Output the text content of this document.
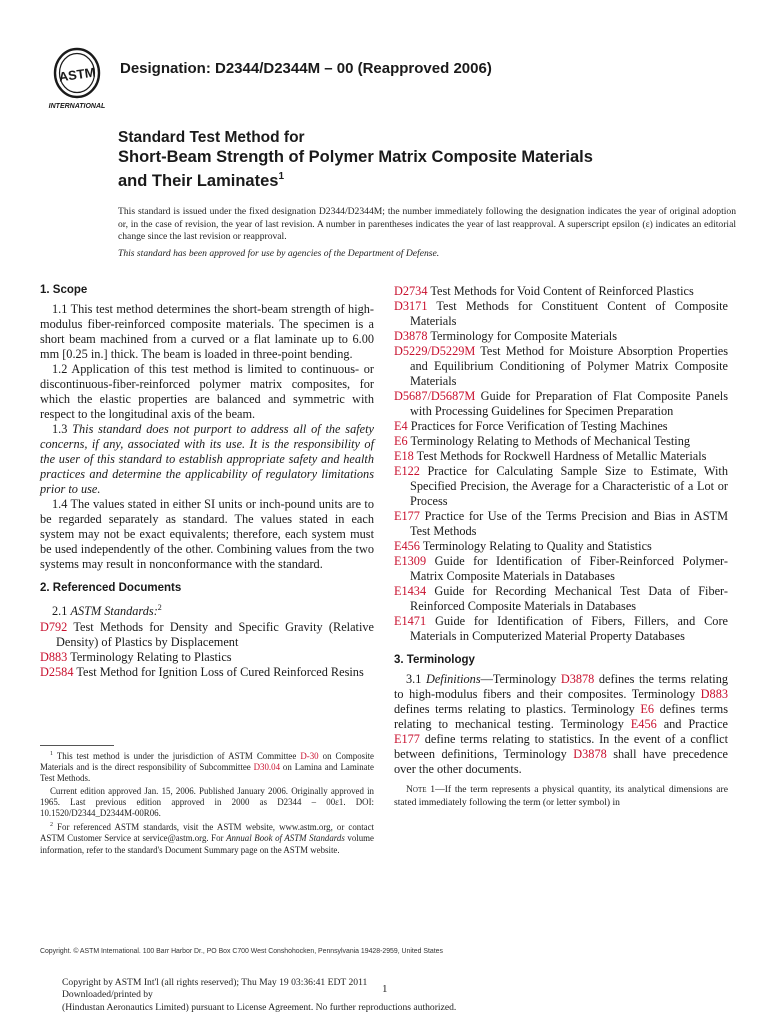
ASTM
INTERNATIONAL
Designation: D2344/D2344M – 00 (Reapproved 2006)
Standard Test Method for
Short-Beam Strength of Polymer Matrix Composite Materials
and Their Laminates$^1$
This standard is issued under the fixed designation D2344/D2344M; the number immediately following the designation indicates the year of original adoption or, in the case of revision, the year of last revision. A number in parentheses indicates the year of last reapproval. A superscript epsilon (ε) indicates an editorial change since the last revision or reapproval.
This standard has been approved for use by agencies of the Department of Defense.
1. Scope
1.1 This test method determines the short-beam strength of high-modulus fiber-reinforced composite materials. The specimen is a short beam machined from a curved or a flat laminate up to 6.00 mm [0.25 in.] thick. The beam is loaded in three-point bending.
1.2 Application of this test method is limited to continuous- or discontinuous-fiber-reinforced polymer matrix composites, for which the elastic properties are balanced and symmetric with respect to the longitudinal axis of the beam.
1.3 This standard does not purport to address all of the safety concerns, if any, associated with its use. It is the responsibility of the user of this standard to establish appropriate safety and health practices and determine the applicability of regulatory limitations prior to use.
1.4 The values stated in either SI units or inch-pound units are to be regarded separately as standard. The values stated in each system may not be exact equivalents; therefore, each system must be used independently of the other. Combining values from the two systems may result in nonconformance with the standard.
2. Referenced Documents
2.1 ASTM Standards:$^2$
D792 Test Methods for Density and Specific Gravity (Relative Density) of Plastics by Displacement
D883 Terminology Relating to Plastics
D2584 Test Method for Ignition Loss of Cured Reinforced Resins
$^1$ This test method is under the jurisdiction of ASTM Committee D-30 on Composite Materials and is the direct responsibility of Subcommittee D30.04 on Lamina and Laminate Test Methods.
Current edition approved Jan. 15, 2006. Published January 2006. Originally approved in 1965. Last previous edition approved in 2000 as D2344 – 00ε1. DOI: 10.1520/D2344_D2344M-00R06.
$^2$ For referenced ASTM standards, visit the ASTM website, www.astm.org, or contact ASTM Customer Service at service@astm.org. For Annual Book of ASTM Standards volume information, refer to the standard's Document Summary page on the ASTM website.
D2734 Test Methods for Void Content of Reinforced Plastics
D3171 Test Methods for Constituent Content of Composite Materials
D3878 Terminology for Composite Materials
D5229/D5229M Test Method for Moisture Absorption Properties and Equilibrium Conditioning of Polymer Matrix Composite Materials
D5687/D5687M Guide for Preparation of Flat Composite Panels with Processing Guidelines for Specimen Preparation
E4 Practices for Force Verification of Testing Machines
E6 Terminology Relating to Methods of Mechanical Testing
E18 Test Methods for Rockwell Hardness of Metallic Materials
E122 Practice for Calculating Sample Size to Estimate, With Specified Precision, the Average for a Characteristic of a Lot or Process
E177 Practice for Use of the Terms Precision and Bias in ASTM Test Methods
E456 Terminology Relating to Quality and Statistics
E1309 Guide for Identification of Fiber-Reinforced Polymer-Matrix Composite Materials in Databases
E1434 Guide for Recording Mechanical Test Data of Fiber-Reinforced Composite Materials in Databases
E1471 Guide for Identification of Fibers, Fillers, and Core Materials in Computerized Material Property Databases
3. Terminology
3.1 Definitions—Terminology D3878 defines the terms relating to high-modulus fibers and their composites. Terminology D883 defines terms relating to plastics. Terminology E6 defines terms relating to mechanical testing. Terminology E456 and Practice E177 define terms relating to statistics. In the event of a conflict between definitions, Terminology D3878 shall have precedence over the other documents.
Note 1—If the term represents a physical quantity, its analytical dimensions are stated immediately following the term (or letter symbol) in
Copyright. © ASTM International. 100 Barr Harbor Dr., PO Box C700 West Conshohocken, Pennsylvania 19428-2959, United States
Copyright by ASTM Int'l (all rights reserved); Thu May 19 03:36:41 EDT 2011
Downloaded/printed by
(Hindustan Aeronautics Limited) pursuant to License Agreement. No further reproductions authorized.
1
